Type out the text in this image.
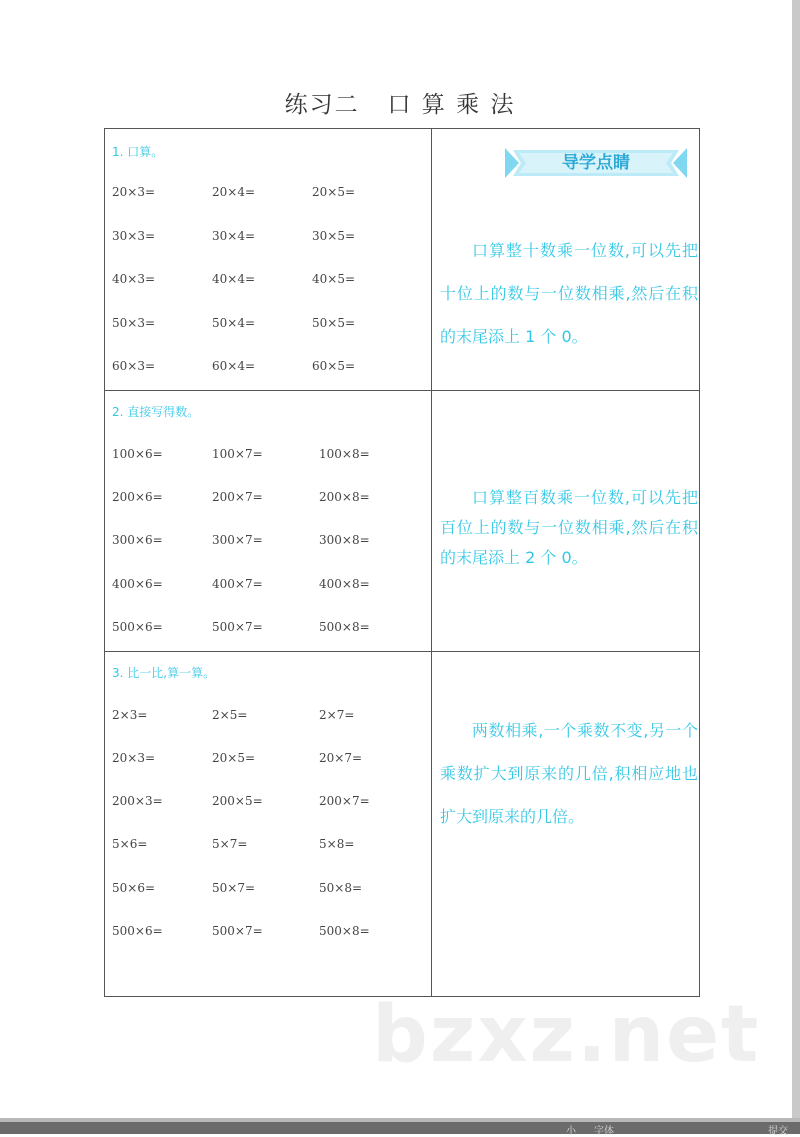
练习二   口 算 乘 法
导学点睛
1. 口算。
20×3=	20×4=	20×5=
30×3=	30×4=	30×5=
40×3=	40×4=	40×5=
50×3=	50×4=	50×5=
60×3=	60×4=	60×5=
口算整十数乘一位数,可以先把十位上的数与一位数相乘,然后在积的末尾添上 1 个 0。
2. 直接写得数。
100×6=	100×7=	100×8=
200×6=	200×7=	200×8=
300×6=	300×7=	300×8=
400×6=	400×7=	400×8=
500×6=	500×7=	500×8=
口算整百数乘一位数,可以先把百位上的数与一位数相乘,然后在积的末尾添上 2 个 0。
3. 比一比,算一算。
2×3=	2×5=	2×7=
20×3=	20×5=	20×7=
200×3=	200×5=	200×7=
5×6=	5×7=	5×8=
50×6=	50×7=	50×8=
500×6=	500×7=	500×8=
两数相乘,一个乘数不变,另一个乘数扩大到原来的几倍,积相应地也扩大到原来的几倍。
bzxz.net
小 字体	提交
